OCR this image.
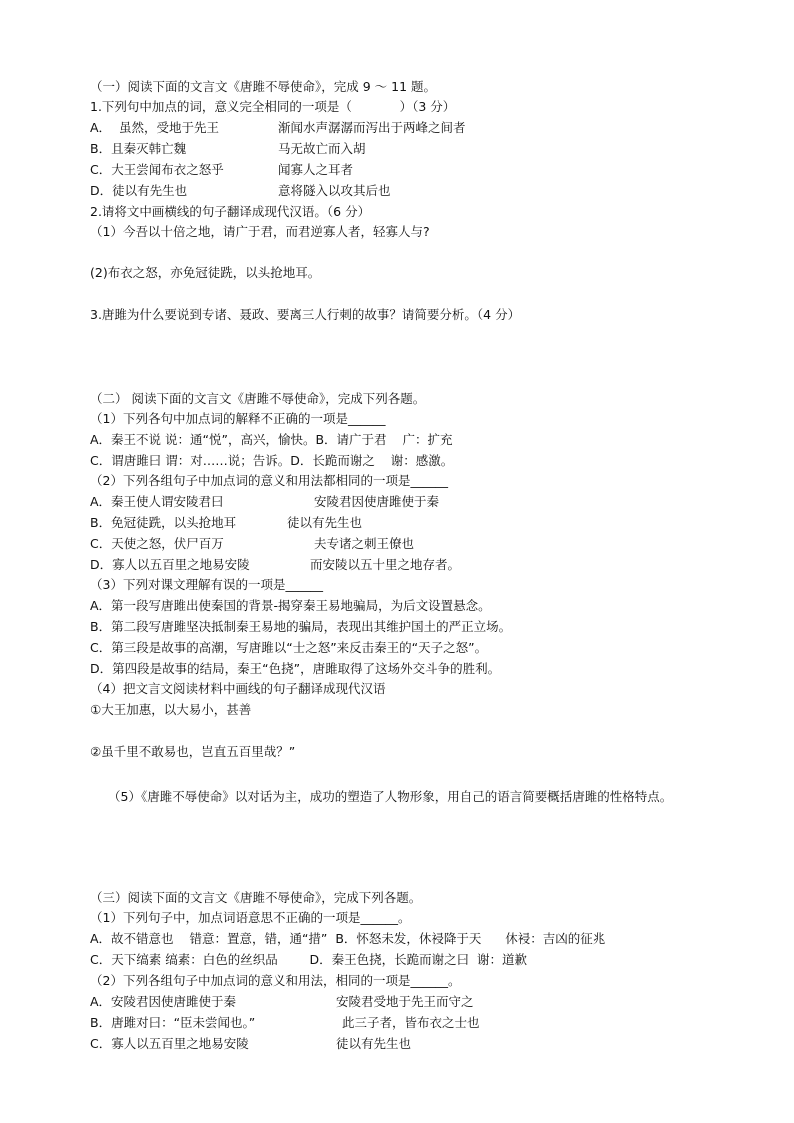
（一）阅读下面的文言文《唐雎不辱使命》，完成 9 ～ 11 题。
1.下列句中加点的词，意义完全相同的一项是（            ）（3 分）
A．  虽然，受地于先王	渐闻水声潺潺而泻出于两峰之间者
B．且秦灭韩亡魏	马无故亡而入胡
C．大王尝闻布衣之怒乎	闻寡人之耳者
D．徒以有先生也	意将隧入以攻其后也
2.请将文中画横线的句子翻译成现代汉语。（6 分）
（1）今吾以十倍之地，请广于君，而君逆寡人者，轻寡人与?
(2)布衣之怒，亦免冠徒跣，以头抢地耳。
3.唐雎为什么要说到专诸、聂政、要离三人行刺的故事？请简要分析。（4 分）
（二） 阅读下面的文言文《唐雎不辱使命》，完成下列各题。
（1）下列各句中加点词的解释不正确的一项是______
A．秦王不说 说：通“悦”，高兴，愉快。B．请广于君    广：扩充
C．谓唐雎曰 谓：对……说；告诉。D．长跪而谢之    谢：感激。
（2）下列各组句子中加点词的意义和用法都相同的一项是______
A．秦王使人谓安陵君曰	安陵君因使唐雎使于秦
B．免冠徒跣，以头抢地耳	徒以有先生也
C．天使之怒，伏尸百万	夫专诸之刺王僚也
D．寡人以五百里之地易安陵	而安陵以五十里之地存者。
（3）下列对课文理解有误的一项是______
A．第一段写唐雎出使秦国的背景-揭穿秦王易地骗局，为后文设置悬念。
B．第二段写唐雎坚决抵制秦王易地的骗局，表现出其维护国土的严正立场。
C．第三段是故事的高潮，写唐雎以“士之怒”来反击秦王的“天子之怒”。
D．第四段是故事的结局，秦王“色挠”，唐雎取得了这场外交斗争的胜利。
（4）把文言文阅读材料中画线的句子翻译成现代汉语
①大王加惠，以大易小，甚善
②虽千里不敢易也，岂直五百里哉？”
（5）《唐雎不辱使命》以对话为主，成功的塑造了人物形象，用自己的语言简要概括唐雎的性格特点。
（三）阅读下面的文言文《唐雎不辱使命》，完成下列各题。
（1）下列句子中，加点词语意思不正确的一项是______。
A．故不错意也    错意：置意，错，通“措”  B．怀怒未发，休祲降于天      休祲：吉凶的征兆
C．天下缟素 缟素：白色的丝织品        D．秦王色挠，长跪而谢之曰  谢：道歉
（2）下列各组句子中加点词的意义和用法，相同的一项是______。
A．安陵君因使唐雎使于秦	安陵君受地于先王而守之
B．唐雎对曰：“臣未尝闻也。”	此三子者，皆布衣之士也
C．寡人以五百里之地易安陵	徒以有先生也
